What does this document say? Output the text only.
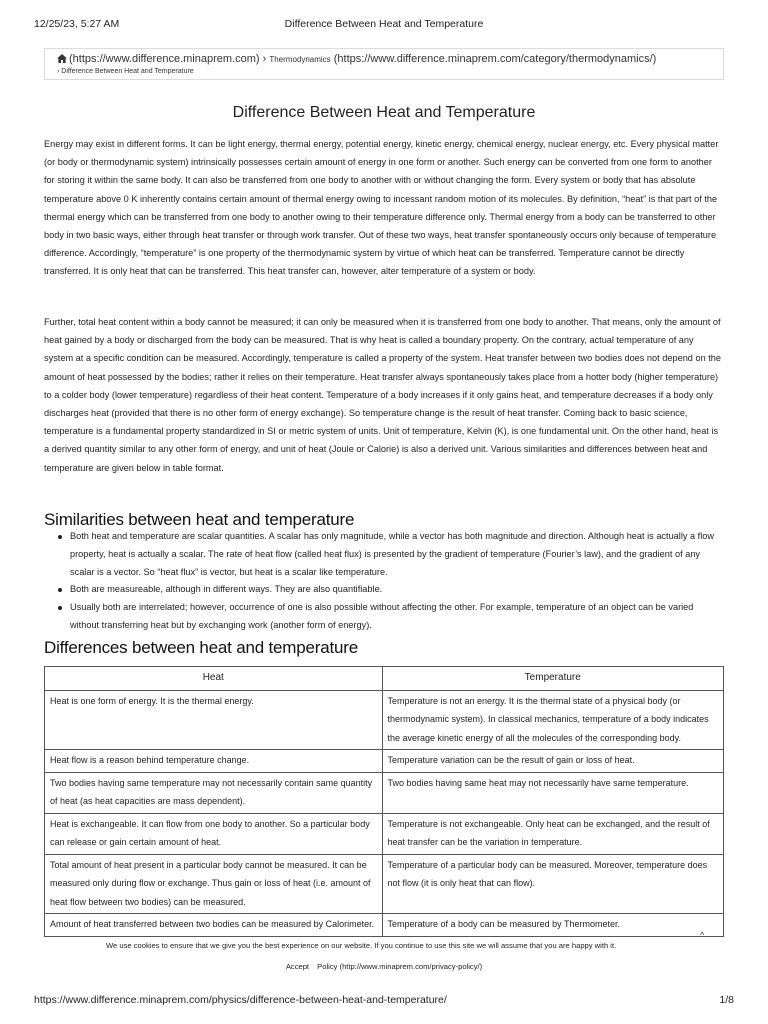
12/25/23, 5:27 AM	Difference Between Heat and Temperature
(https://www.difference.minaprem.com) › Thermodynamics (https://www.difference.minaprem.com/category/thermodynamics/)
› Difference Between Heat and Temperature
Difference Between Heat and Temperature

Energy may exist in different forms. It can be light energy, thermal energy, potential energy, kinetic energy, chemical energy, nuclear energy, etc. Every physical matter (or body or thermodynamic system) intrinsically possesses certain amount of energy in one form or another. Such energy can be converted from one form to another for storing it within the same body. It can also be transferred from one body to another with or without changing the form. Every system or body that has absolute temperature above 0 K inherently contains certain amount of thermal energy owing to incessant random motion of its molecules. By definition, “heat” is that part of the thermal energy which can be transferred from one body to another owing to their temperature difference only. Thermal energy from a body can be transferred to other body in two basic ways, either through heat transfer or through work transfer. Out of these two ways, heat transfer spontaneously occurs only because of temperature difference. Accordingly, “temperature” is one property of the thermodynamic system by virtue of which heat can be transferred. Temperature cannot be directly transferred. It is only heat that can be transferred. This heat transfer can, however, alter temperature of a system or body.

Further, total heat content within a body cannot be measured; it can only be measured when it is transferred from one body to another. That means, only the amount of heat gained by a body or discharged from the body can be measured. That is why heat is called a boundary property. On the contrary, actual temperature of any system at a specific condition can be measured. Accordingly, temperature is called a property of the system. Heat transfer between two bodies does not depend on the amount of heat possessed by the bodies; rather it relies on their temperature. Heat transfer always spontaneously takes place from a hotter body (higher temperature) to a colder body (lower temperature) regardless of their heat content. Temperature of a body increases if it only gains heat, and temperature decreases if a body only discharges heat (provided that there is no other form of energy exchange). So temperature change is the result of heat transfer. Coming back to basic science, temperature is a fundamental property standardized in SI or metric system of units. Unit of temperature, Kelvin (K), is one fundamental unit. On the other hand, heat is a derived quantity similar to any other form of energy, and unit of heat (Joule or Calorie) is also a derived unit. Various similarities and differences between heat and temperature are given below in table format.

Similarities between heat and temperature
Both heat and temperature are scalar quantities. A scalar has only magnitude, while a vector has both magnitude and direction. Although heat is actually a flow property, heat is actually a scalar. The rate of heat flow (called heat flux) is presented by the gradient of temperature (Fourier’s law), and the gradient of any scalar is a vector. So “heat flux” is vector, but heat is a scalar like temperature.
Both are measureable, although in different ways. They are also quantifiable.
Usually both are interrelated; however, occurrence of one is also possible without affecting the other. For example, temperature of an object can be varied without transferring heat but by exchanging work (another form of energy).
Differences between heat and temperature
Heat	Temperature
Heat is one form of energy. It is the thermal energy.	Temperature is not an energy. It is the thermal state of a physical body (or thermodynamic system). In classical mechanics, temperature of a body indicates the average kinetic energy of all the molecules of the corresponding body.
Heat flow is a reason behind temperature change.	Temperature variation can be the result of gain or loss of heat.
Two bodies having same temperature may not necessarily contain same quantity of heat (as heat capacities are mass dependent).	Two bodies having same heat may not necessarily have same temperature.
Heat is exchangeable. It can flow from one body to another. So a particular body can release or gain certain amount of heat.	Temperature is not exchangeable. Only heat can be exchanged, and the result of heat transfer can be the variation in temperature.
Total amount of heat present in a particular body cannot be measured. It can be measured only during flow or exchange. Thus gain or loss of heat (i.e. amount of heat flow between two bodies) can be measured.	Temperature of a particular body can be measured. Moreover, temperature does not flow (it is only heat that can flow).
Amount of heat transferred between two bodies can be measured by Calorimeter.	Temperature of a body can be measured by Thermometer.
We use cookies to ensure that we give you the best experience on our website. If you continue to use this site we will assume that you are happy with it.
^
Accept Policy (http://www.minaprem.com/privacy-policy/)
https://www.difference.minaprem.com/physics/difference-between-heat-and-temperature/	1/8
